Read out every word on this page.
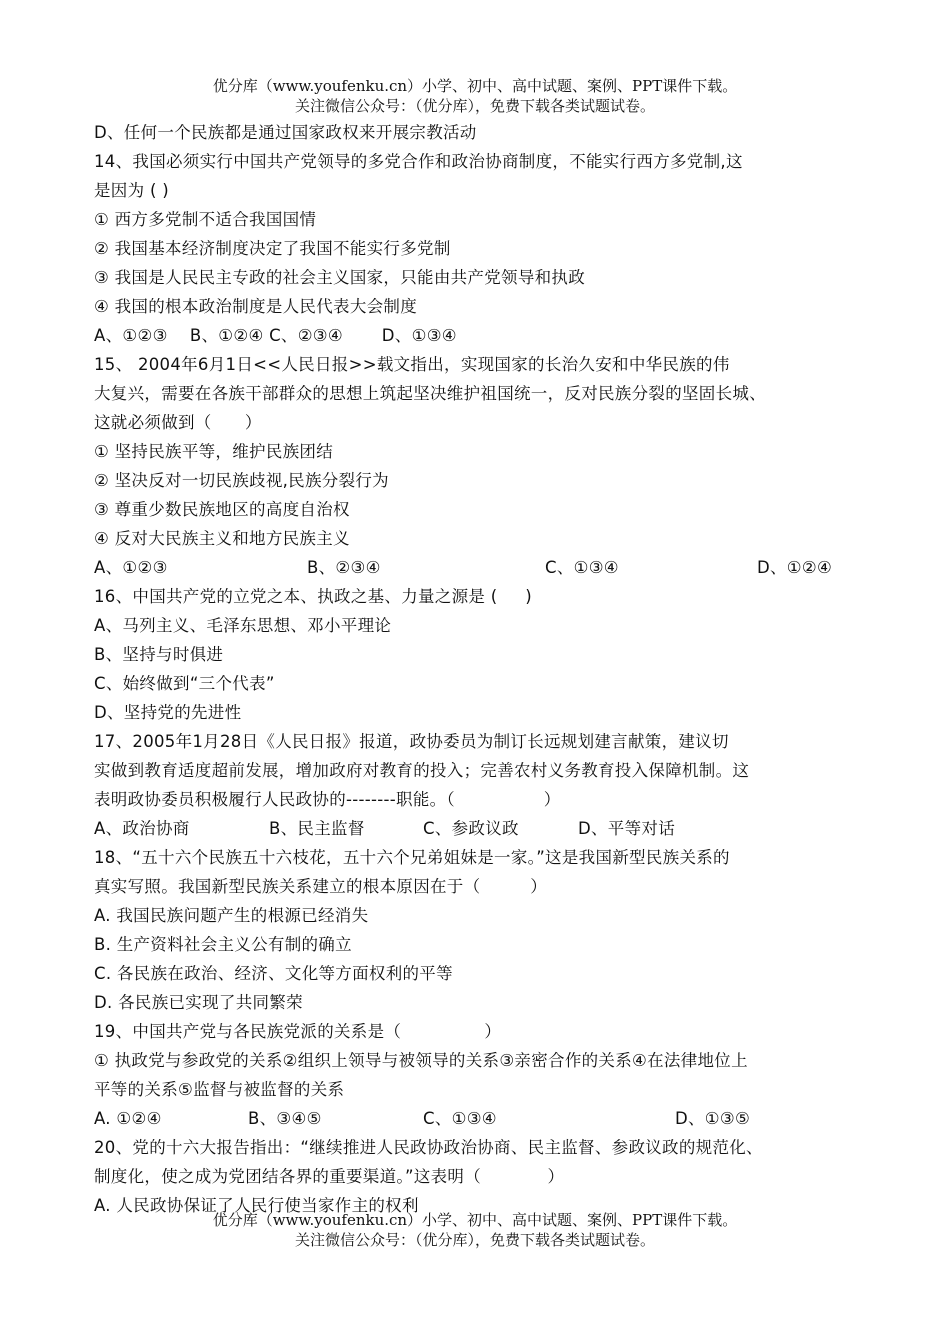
优分库（www.youfenku.cn）小学、初中、高中试题、案例、PPT课件下载。
关注微信公众号：（优分库），免费下载各类试题试卷。
D、任何一个民族都是通过国家政权来开展宗教活动
14、我国必须实行中国共产党领导的多党合作和政治协商制度，不能实行西方多党制,这
是因为 ( )
① 西方多党制不适合我国国情
② 我国基本经济制度决定了我国不能实行多党制
③ 我国是人民民主专政的社会主义国家，只能由共产党领导和执政
④ 我国的根本政治制度是人民代表大会制度
A、①②③    B、①②④ C、②③④       D、①③④
15、 2004年6月1日<<人民日报>>载文指出，实现国家的长治久安和中华民族的伟
大复兴，需要在各族干部群众的思想上筑起坚决维护祖国统一，反对民族分裂的坚固长城、
这就必须做到（      ）
① 坚持民族平等，维护民族团结
② 坚决反对一切民族歧视,民族分裂行为
③ 尊重少数民族地区的高度自治权
④ 反对大民族主义和地方民族主义
A、①②③	B、②③④	C、①③④	D、①②④
16、中国共产党的立党之本、执政之基、力量之源是 (     )
A、马列主义、毛泽东思想、邓小平理论
B、坚持与时俱进
C、始终做到“三个代表”
D、坚持党的先进性
17、2005年1月28日《人民日报》报道，政协委员为制订长远规划建言献策，建议切
实做到教育适度超前发展，增加政府对教育的投入；完善农村义务教育投入保障机制。这
表明政协委员积极履行人民政协的--------职能。（                ）
A、政治协商	B、民主监督	C、参政议政	D、平等对话
18、“五十六个民族五十六枝花，五十六个兄弟姐妹是一家。”这是我国新型民族关系的
真实写照。我国新型民族关系建立的根本原因在于（         ）
A. 我国民族问题产生的根源已经消失
B. 生产资料社会主义公有制的确立
C. 各民族在政治、经济、文化等方面权利的平等
D. 各民族已实现了共同繁荣
19、中国共产党与各民族党派的关系是（               ）
① 执政党与参政党的关系②组织上领导与被领导的关系③亲密合作的关系④在法律地位上
平等的关系⑤监督与被监督的关系
A. ①②④	B、③④⑤	C、①③④	D、①③⑤
20、党的十六大报告指出：“继续推进人民政协政治协商、民主监督、参政议政的规范化、
制度化，使之成为党团结各界的重要渠道。”这表明（            ）
A. 人民政协保证了人民行使当家作主的权利
优分库（www.youfenku.cn）小学、初中、高中试题、案例、PPT课件下载。
关注微信公众号：（优分库），免费下载各类试题试卷。
